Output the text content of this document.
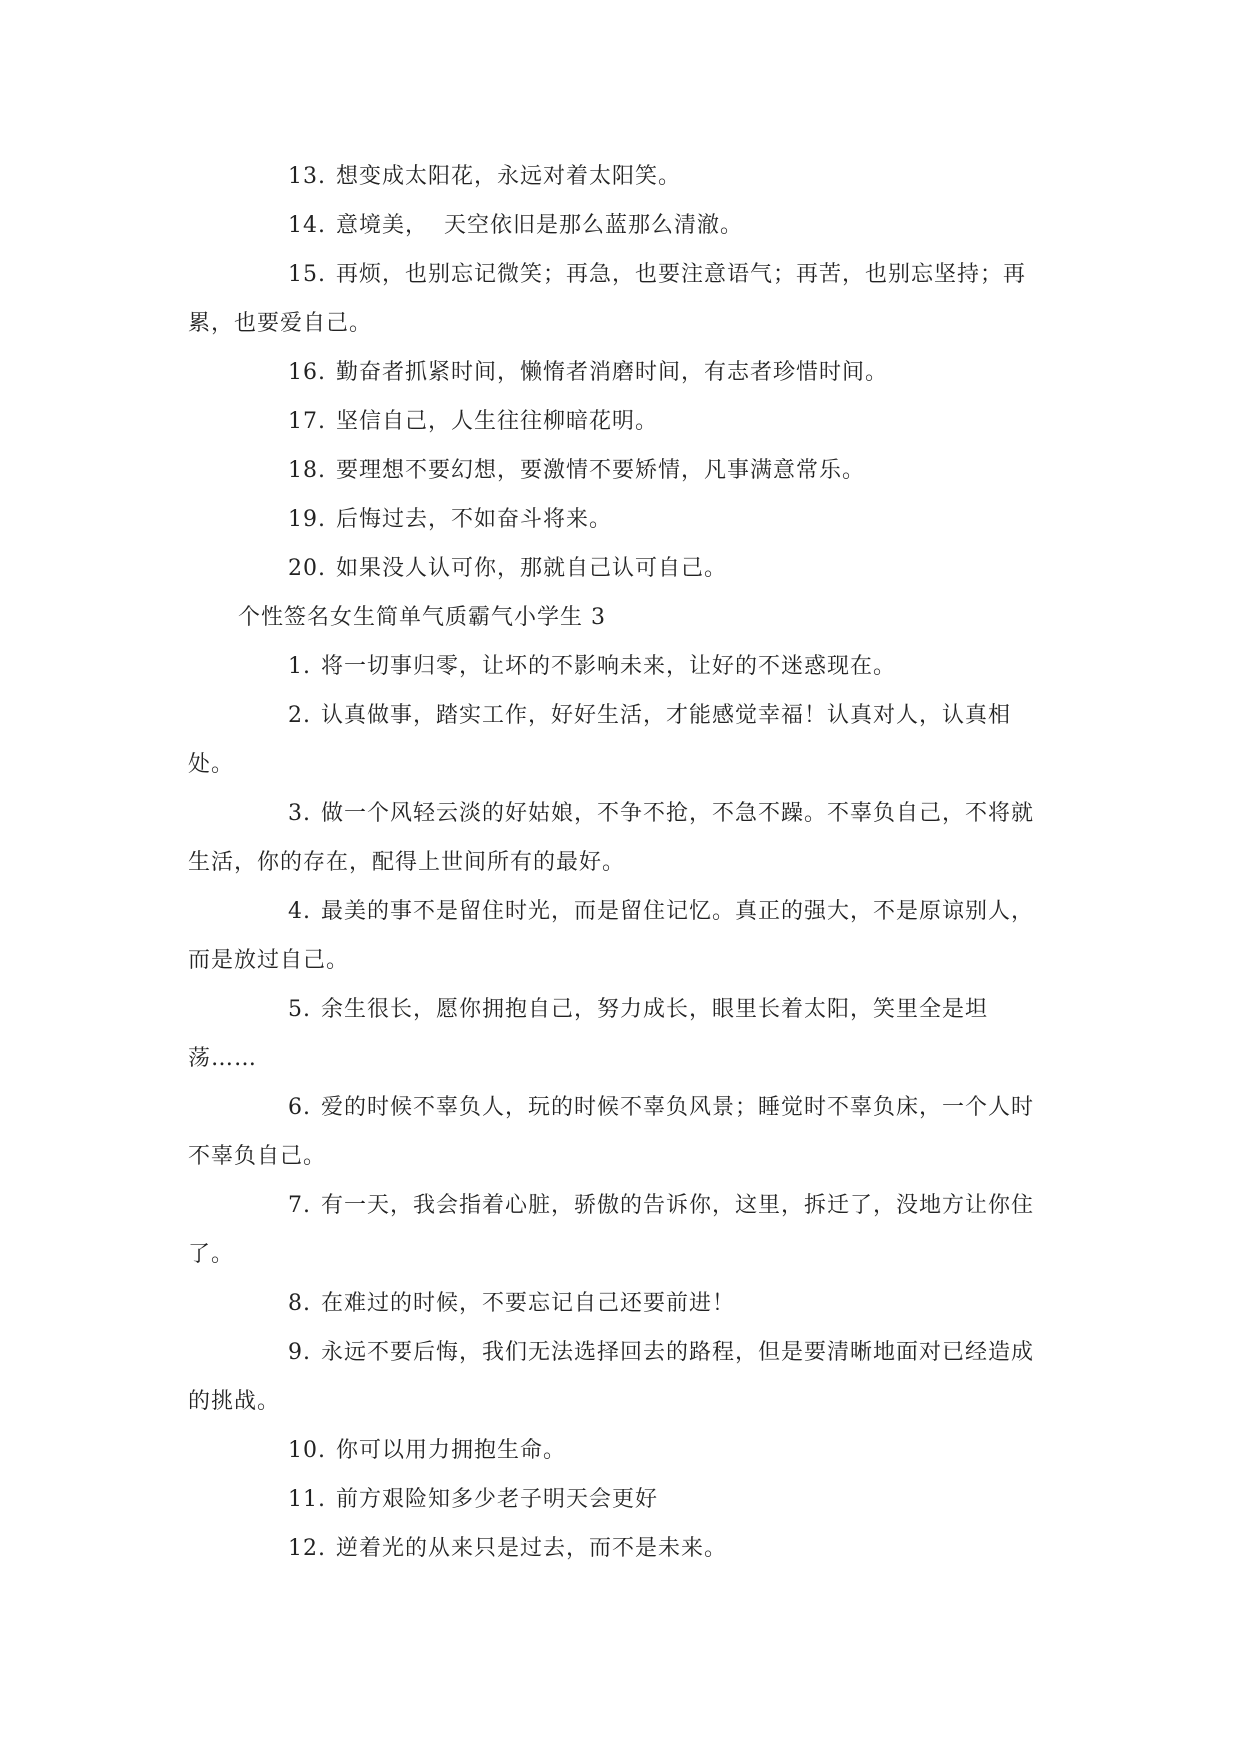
13. 想变成太阳花，永远对着太阳笑。

14. 意境美，  天空依旧是那么蓝那么清澈。

15. 再烦，也别忘记微笑；再急，也要注意语气；再苦，也别忘坚持；再累，也要爱自己。

16. 勤奋者抓紧时间，懒惰者消磨时间，有志者珍惜时间。

17. 坚信自己，人生往往柳暗花明。

18. 要理想不要幻想，要激情不要矫情，凡事满意常乐。

19. 后悔过去，不如奋斗将来。

20. 如果没人认可你，那就自己认可自己。

个性签名女生简单气质霸气小学生 3

1. 将一切事归零，让坏的不影响未来，让好的不迷惑现在。

2. 认真做事，踏实工作，好好生活，才能感觉幸福！认真对人，认真相处。

3. 做一个风轻云淡的好姑娘，不争不抢，不急不躁。不辜负自己，不将就生活，你的存在，配得上世间所有的最好。

4. 最美的事不是留住时光，而是留住记忆。真正的强大，不是原谅别人，而是放过自己。

5. 余生很长，愿你拥抱自己，努力成长，眼里长着太阳，笑里全是坦荡……

6. 爱的时候不辜负人，玩的时候不辜负风景；睡觉时不辜负床，一个人时不辜负自己。

7. 有一天，我会指着心脏，骄傲的告诉你，这里，拆迁了，没地方让你住了。

8. 在难过的时候，不要忘记自己还要前进！

9. 永远不要后悔，我们无法选择回去的路程，但是要清晰地面对已经造成的挑战。

10. 你可以用力拥抱生命。

11. 前方艰险知多少老子明天会更好

12. 逆着光的从来只是过去，而不是未来。
